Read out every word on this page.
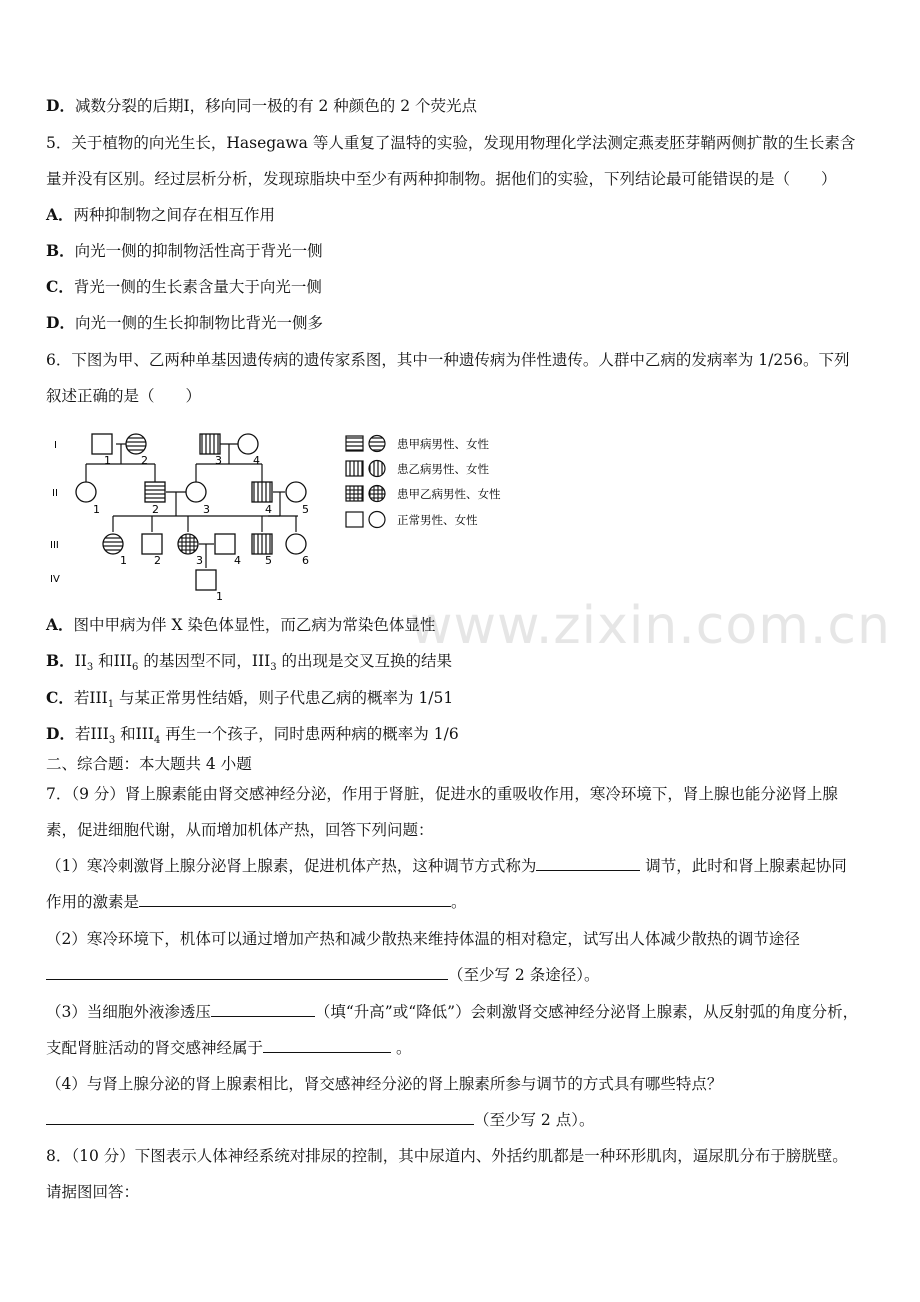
www.zixin.com.cn
D．减数分裂的后期Ⅰ，移向同一极的有 2 种颜色的 2 个荧光点
5．关于植物的向光生长，Hasegawa 等人重复了温特的实验，发现用物理化学法测定燕麦胚芽鞘两侧扩散的生长素含
量并没有区别。经过层析分析，发现琼脂块中至少有两种抑制物。据他们的实验，下列结论最可能错误的是（　　）
A．两种抑制物之间存在相互作用
B．向光一侧的抑制物活性高于背光一侧
C．背光一侧的生长素含量大于向光一侧
D．向光一侧的生长抑制物比背光一侧多
6．下图为甲、乙两种单基因遗传病的遗传家系图，其中一种遗传病为伴性遗传。人群中乙病的发病率为 1/256。下列
叙述正确的是（　　）
I
II
III
IV
1	2	3	4
1	2	3	4	5
1 2	3	4 5	6
1
患甲病男性、女性
患乙病男性、女性
患甲乙病男性、女性
正常男性、女性
A．图中甲病为伴 X 染色体显性，而乙病为常染色体显性
B．$II_3$ 和$III_6$ 的基因型不同，$III_3$ 的出现是交叉互换的结果
C．若$III_1$ 与某正常男性结婚，则子代患乙病的概率为 1/51
D．若$III_3$ 和$III_4$ 再生一个孩子，同时患两种病的概率为 1/6
二、综合题：本大题共 4 小题
7．（9 分）肾上腺素能由肾交感神经分泌，作用于肾脏，促进水的重吸收作用，寒冷环境下，肾上腺也能分泌肾上腺
素，促进细胞代谢，从而增加机体产热，回答下列问题：
（1）寒冷刺激肾上腺分泌肾上腺素，促进机体产热，这种调节方式称为	调节，此时和肾上腺素起协同
作用的激素是	。
（2）寒冷环境下，机体可以通过增加产热和减少散热来维持体温的相对稳定，试写出人体减少散热的调节途径
（至少写 2 条途径）。
（3）当细胞外液渗透压	（填“升高”或“降低”）会刺激肾交感神经分泌肾上腺素，从反射弧的角度分析，
支配肾脏活动的肾交感神经属于	。
（4）与肾上腺分泌的肾上腺素相比，肾交感神经分泌的肾上腺素所参与调节的方式具有哪些特点？
（至少写 2 点）。
8．（10 分）下图表示人体神经系统对排尿的控制，其中尿道内、外括约肌都是一种环形肌肉，逼尿肌分布于膀胱壁。
请据图回答：
